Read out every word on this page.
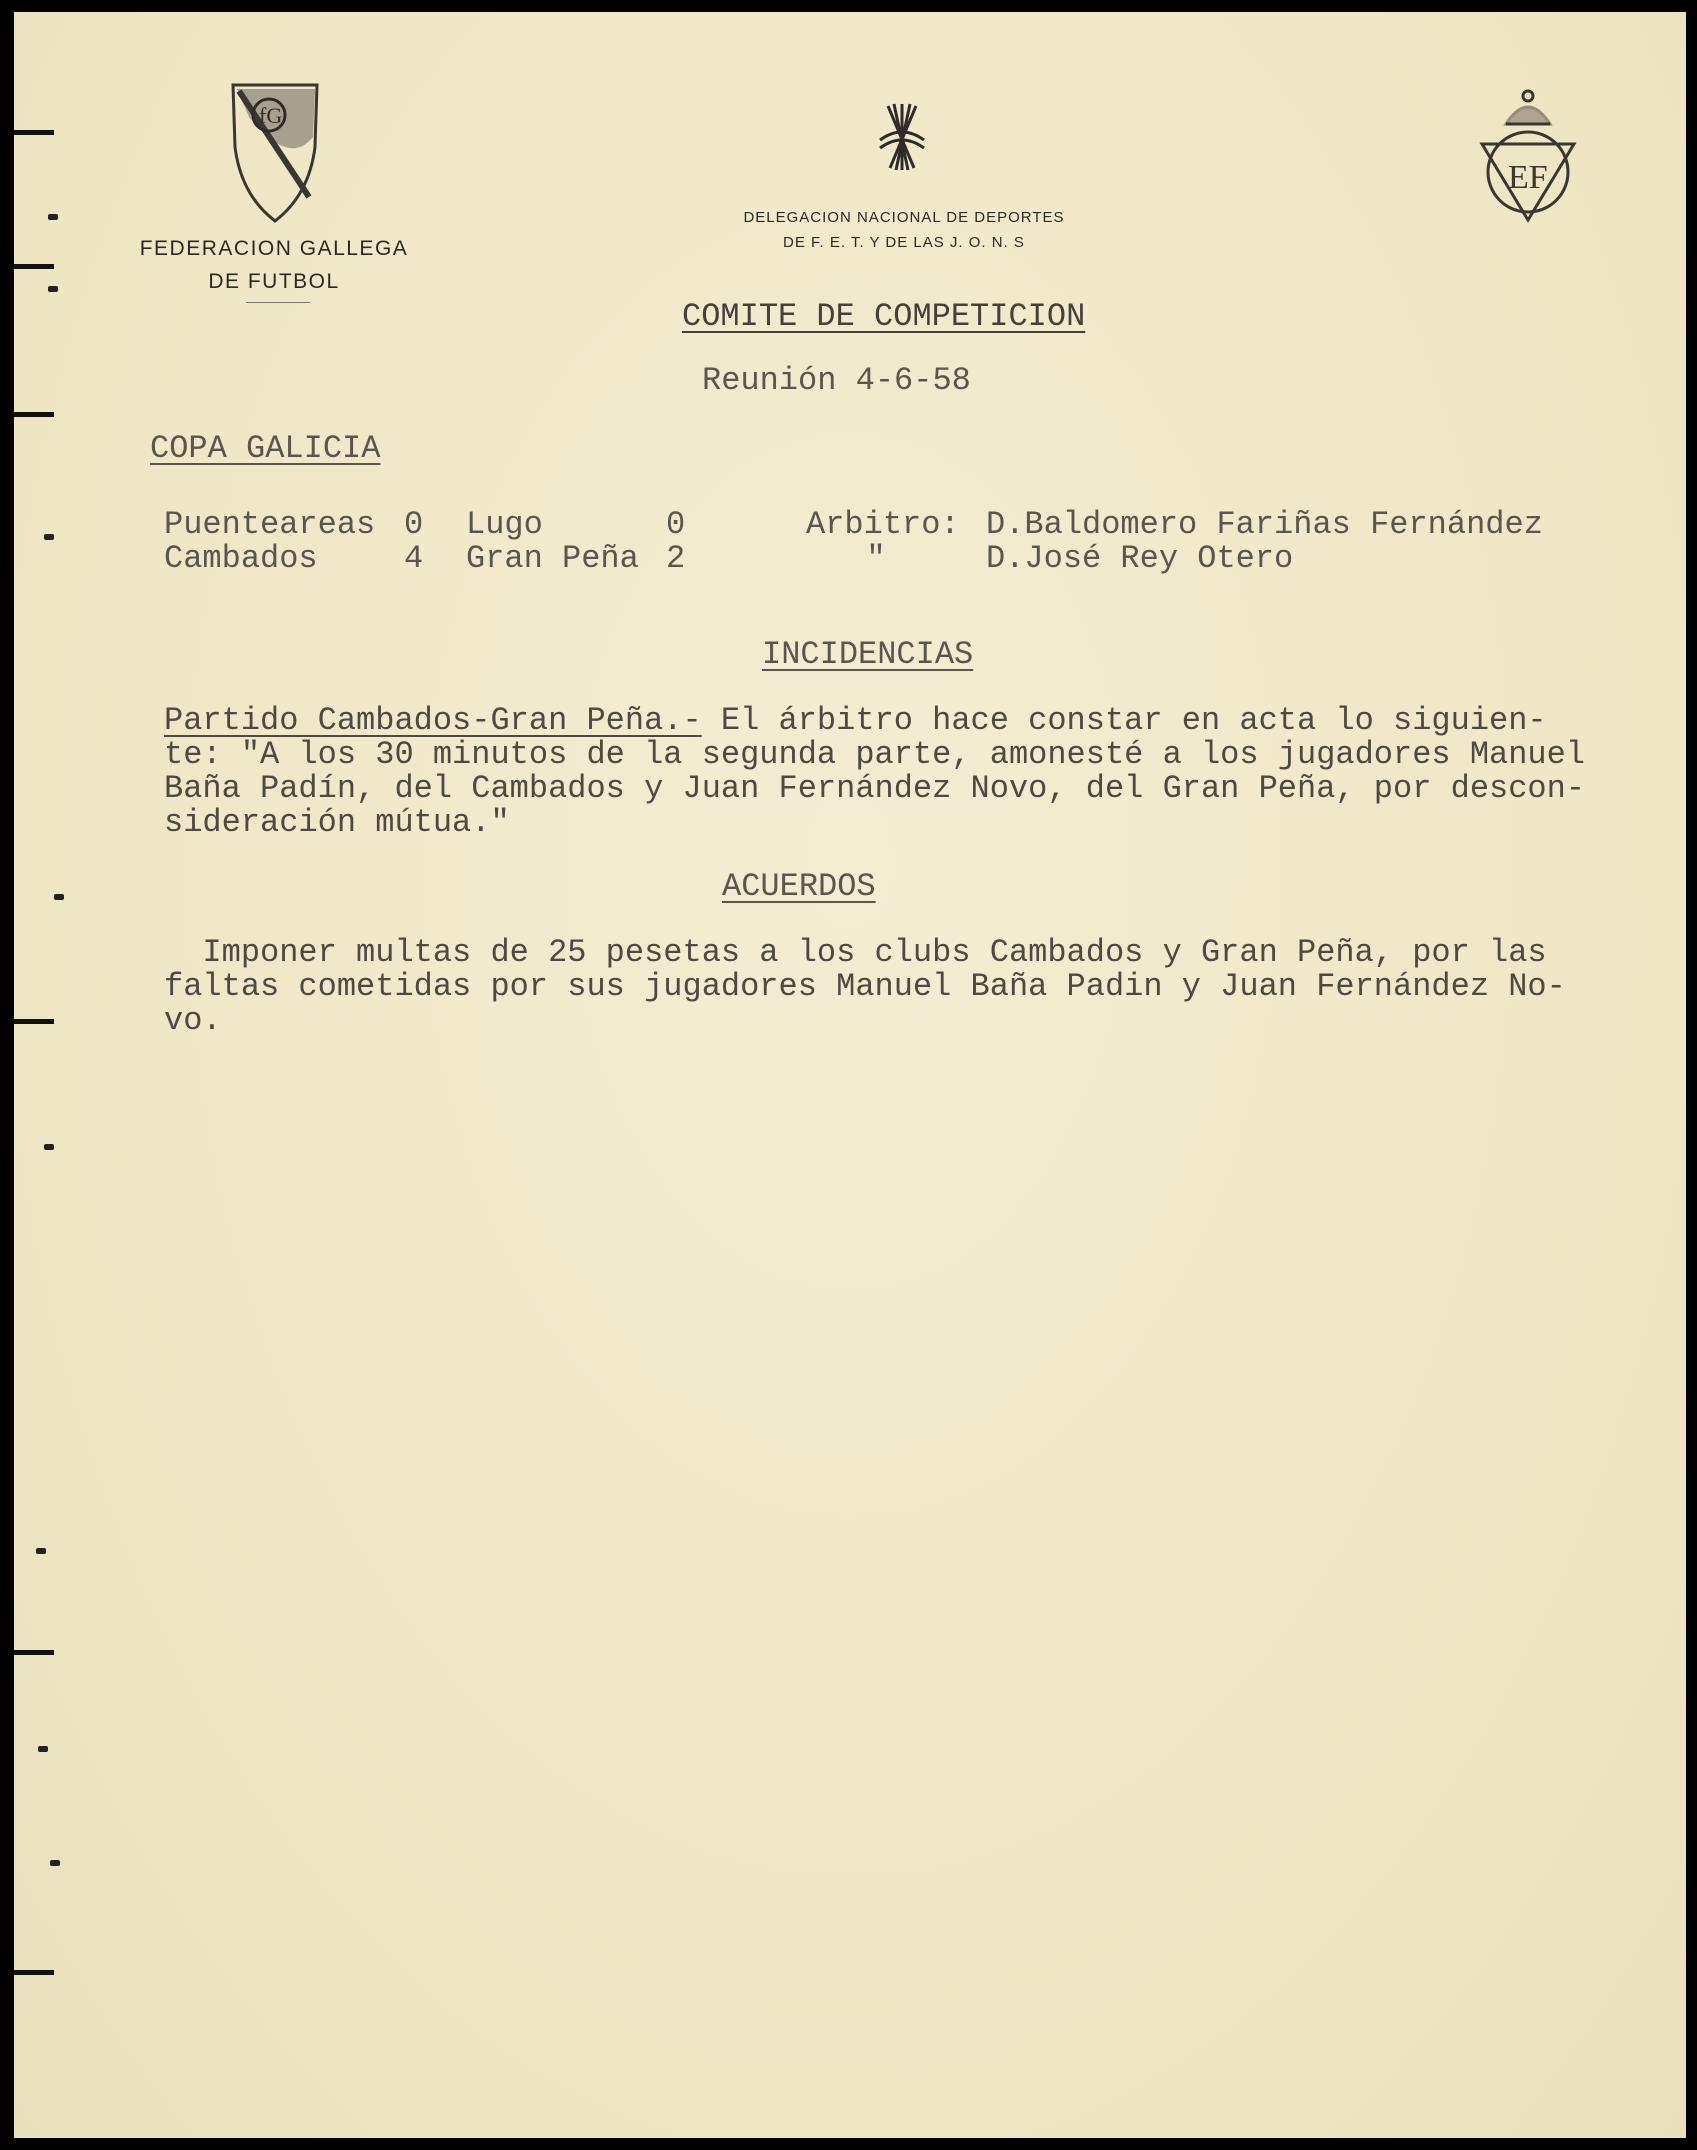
fG
FEDERACION GALLEGA
DE FUTBOL
DELEGACION NACIONAL DE DEPORTES
DE F. E. T. Y DE LAS J. O. N. S
EF
COMITE DE COMPETICION
Reunión 4-6-58
COPA GALICIA
Puenteareas 0	Lugo	0	Arbitro: D.Baldomero Fariñas Fernández
Cambados	4	Gran Peña 2	"	D.José Rey Otero
INCIDENCIAS
Partido Cambados-Gran Peña.- El árbitro hace constar en acta lo siguien-
te: "A los 30 minutos de la segunda parte, amonesté a los jugadores Manuel
Baña Padín, del Cambados y Juan Fernández Novo, del Gran Peña, por descon-
sideración mútua."
ACUERDOS
Imponer multas de 25 pesetas a los clubs Cambados y Gran Peña, por las
faltas cometidas por sus jugadores Manuel Baña Padin y Juan Fernández No-
vo.
